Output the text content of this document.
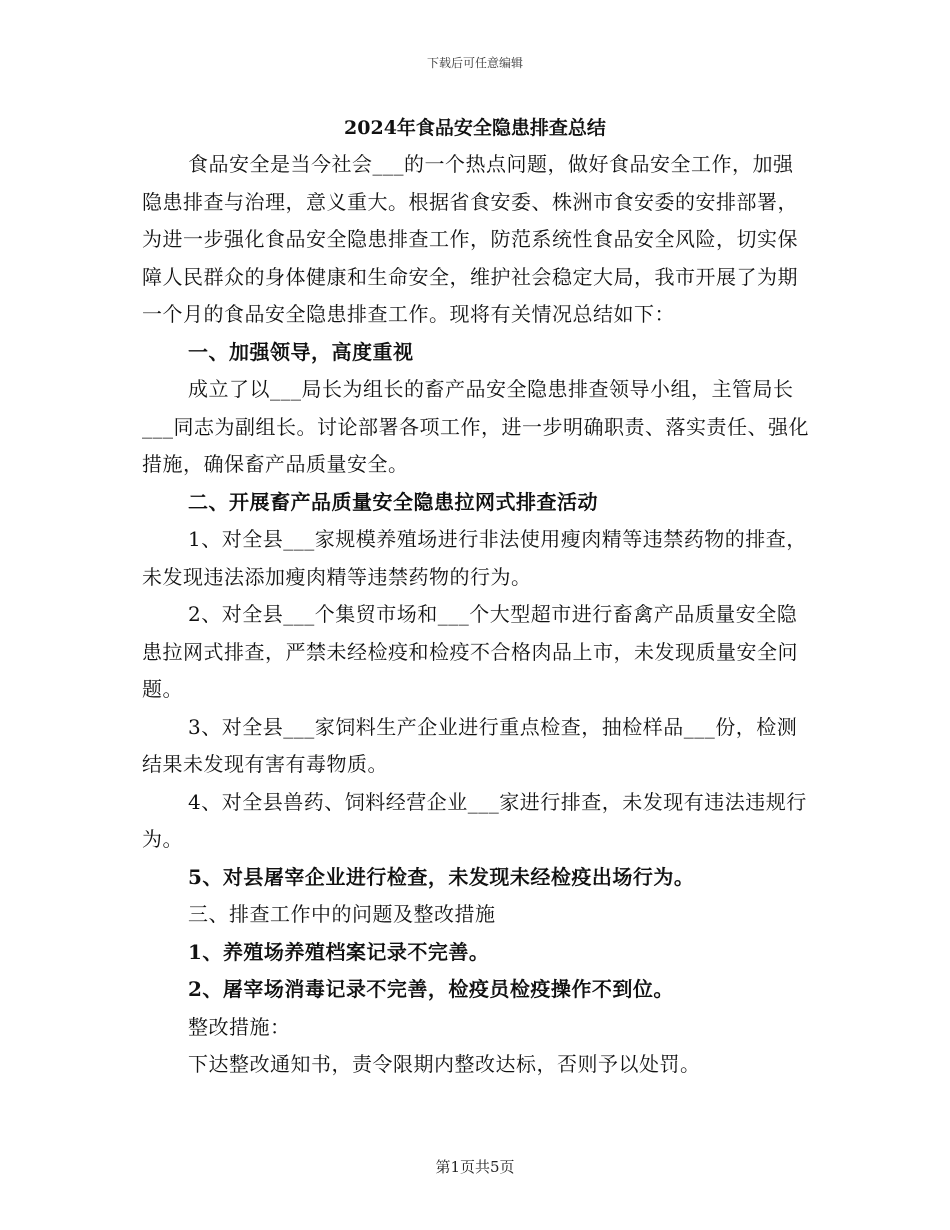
下载后可任意编辑
2024年食品安全隐患排查总结

食品安全是当今社会___的一个热点问题，做好食品安全工作，加强隐患排查与治理，意义重大。根据省食安委、株洲市食安委的安排部署，为进一步强化食品安全隐患排查工作，防范系统性食品安全风险，切实保障人民群众的身体健康和生命安全，维护社会稳定大局，我市开展了为期一个月的食品安全隐患排查工作。现将有关情况总结如下：

一、加强领导，高度重视

成立了以___局长为组长的畜产品安全隐患排查领导小组，主管局长___同志为副组长。讨论部署各项工作，进一步明确职责、落实责任、强化措施，确保畜产品质量安全。

二、开展畜产品质量安全隐患拉网式排查活动

1、对全县___家规模养殖场进行非法使用瘦肉精等违禁药物的排查，未发现违法添加瘦肉精等违禁药物的行为。

2、对全县___个集贸市场和___个大型超市进行畜禽产品质量安全隐患拉网式排查，严禁未经检疫和检疫不合格肉品上市，未发现质量安全问题。

3、对全县___家饲料生产企业进行重点检查，抽检样品___份，检测结果未发现有害有毒物质。

4、对全县兽药、饲料经营企业___家进行排查，未发现有违法违规行为。

5、对县屠宰企业进行检查，未发现未经检疫出场行为。

三、排查工作中的问题及整改措施

1、养殖场养殖档案记录不完善。

2、屠宰场消毒记录不完善，检疫员检疫操作不到位。

整改措施：

下达整改通知书，责令限期内整改达标，否则予以处罚。

第1页共5页
